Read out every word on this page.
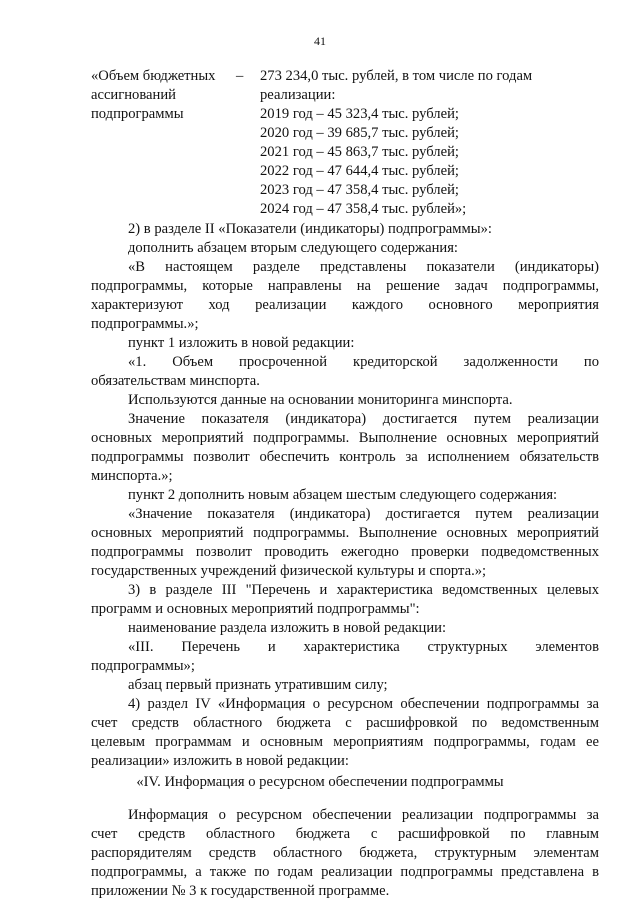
41
«Объем бюджетных
ассигнований
подпрограммы
– 273 234,0 тыс. рублей, в том числе по годам
реализации:
2019 год – 45 323,4 тыс. рублей;
2020 год – 39 685,7 тыс. рублей;
2021 год – 45 863,7 тыс. рублей;
2022 год – 47 644,4 тыс. рублей;
2023 год – 47 358,4 тыс. рублей;
2024 год – 47 358,4 тыс. рублей»;
2) в разделе II «Показатели (индикаторы) подпрограммы»:
дополнить абзацем вторым следующего содержания:
«В настоящем разделе представлены показатели (индикаторы)
подпрограммы, которые направлены на решение задач подпрограммы,
характеризуют ход реализации каждого основного мероприятия
подпрограммы.»;
пункт 1 изложить в новой редакции:
«1. Объем просроченной кредиторской задолженности по
обязательствам минспорта.
Используются данные на основании мониторинга минспорта.
Значение показателя (индикатора) достигается путем реализации
основных мероприятий подпрограммы. Выполнение основных мероприятий
подпрограммы позволит обеспечить контроль за исполнением обязательств
минспорта.»;
пункт 2 дополнить новым абзацем шестым следующего содержания:
«Значение показателя (индикатора) достигается путем реализации
основных мероприятий подпрограммы. Выполнение основных мероприятий
подпрограммы позволит проводить ежегодно проверки подведомственных
государственных учреждений физической культуры и спорта.»;
3) в разделе III "Перечень и характеристика ведомственных целевых
программ и основных мероприятий подпрограммы":
наименование раздела изложить в новой редакции:
«III. Перечень и характеристика структурных элементов
подпрограммы»;
абзац первый признать утратившим силу;
4) раздел IV «Информация о ресурсном обеспечении подпрограммы за
счет средств областного бюджета с расшифровкой по ведомственным
целевым программам и основным мероприятиям подпрограммы, годам ее
реализации» изложить в новой редакции:
«IV. Информация о ресурсном обеспечении подпрограммы
Информация о ресурсном обеспечении реализации подпрограммы за
счет средств областного бюджета с расшифровкой по главным
распорядителям средств областного бюджета, структурным элементам
подпрограммы, а также по годам реализации подпрограммы представлена в
приложении № 3 к государственной программе.
